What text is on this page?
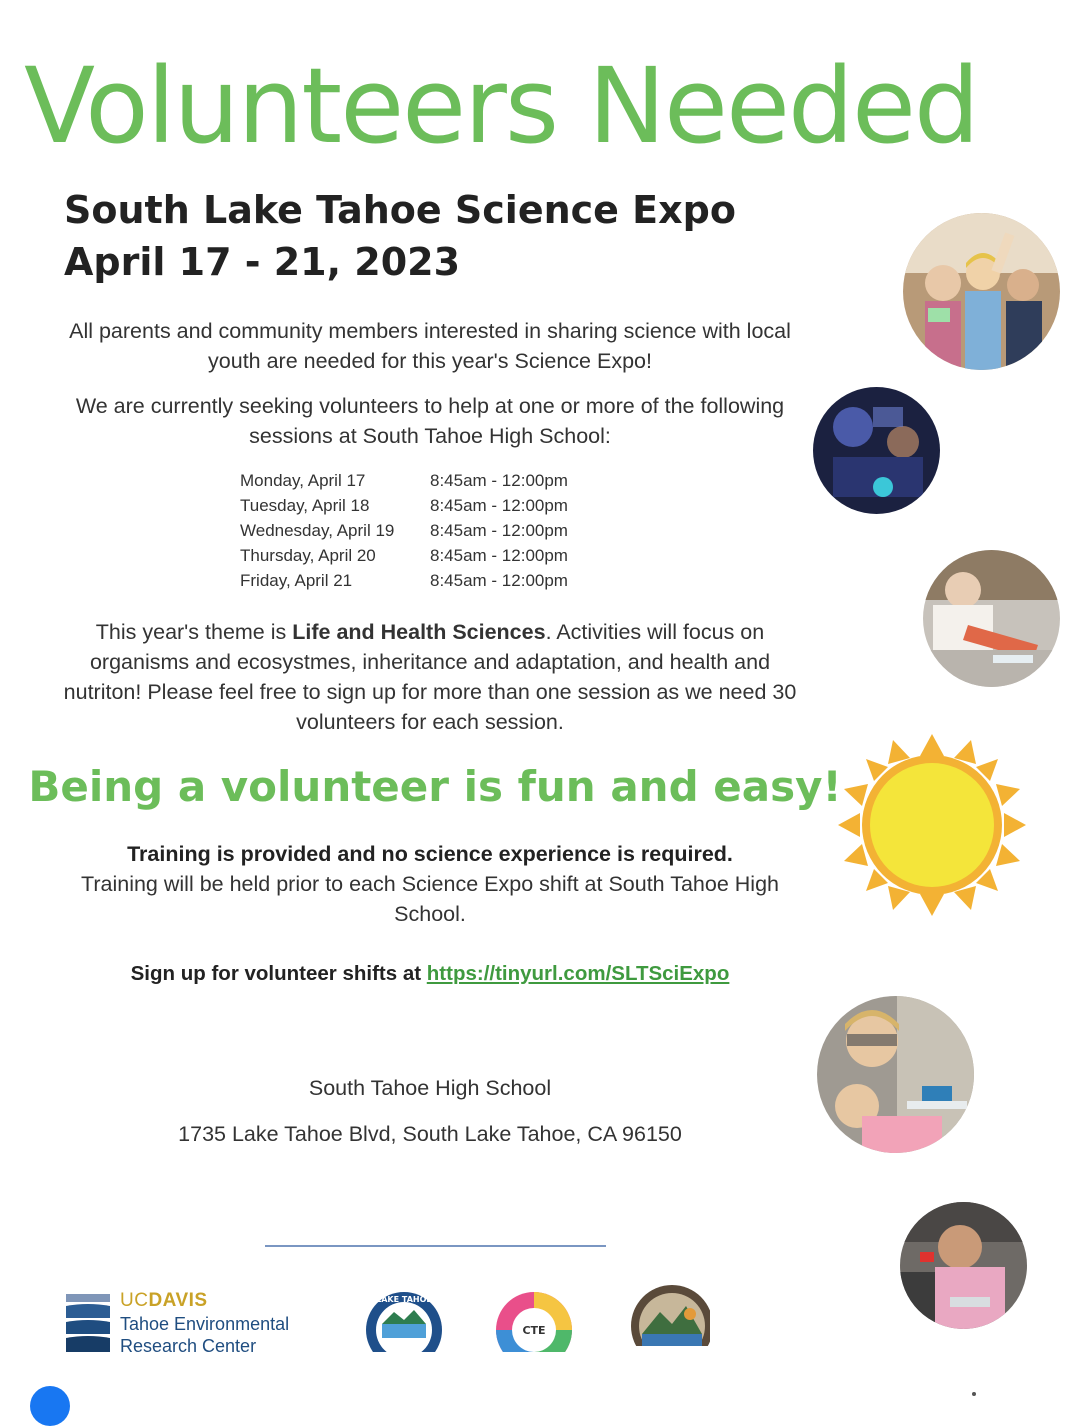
Volunteers Needed
South Lake Tahoe Science Expo
April 17 - 21, 2023
All parents and community members interested in sharing science with local youth are needed for this year's Science Expo!
We are currently seeking volunteers to help at one or more of the following sessions at South Tahoe High School:
Monday, April 17	8:45am - 12:00pm
Tuesday, April 18	8:45am - 12:00pm
Wednesday, April 19	8:45am - 12:00pm
Thursday, April 20	8:45am - 12:00pm
Friday, April 21	8:45am - 12:00pm
This year's theme is Life and Health Sciences. Activities will focus on organisms and ecosystmes, inheritance and adaptation, and health and nutriton! Please feel free to sign up for more than one session as we need 30 volunteers for each session.
Being a volunteer is fun and easy!
Training is provided and no science experience is required.
Training will be held prior to each Science Expo shift at South Tahoe High School.
Sign up for volunteer shifts at https://tinyurl.com/SLTSciExpo
South Tahoe High School
1735 Lake Tahoe Blvd, South Lake Tahoe, CA 96150
UCDAVIS
Tahoe Environmental
Research Center
LAKE TAHOE
CTE
